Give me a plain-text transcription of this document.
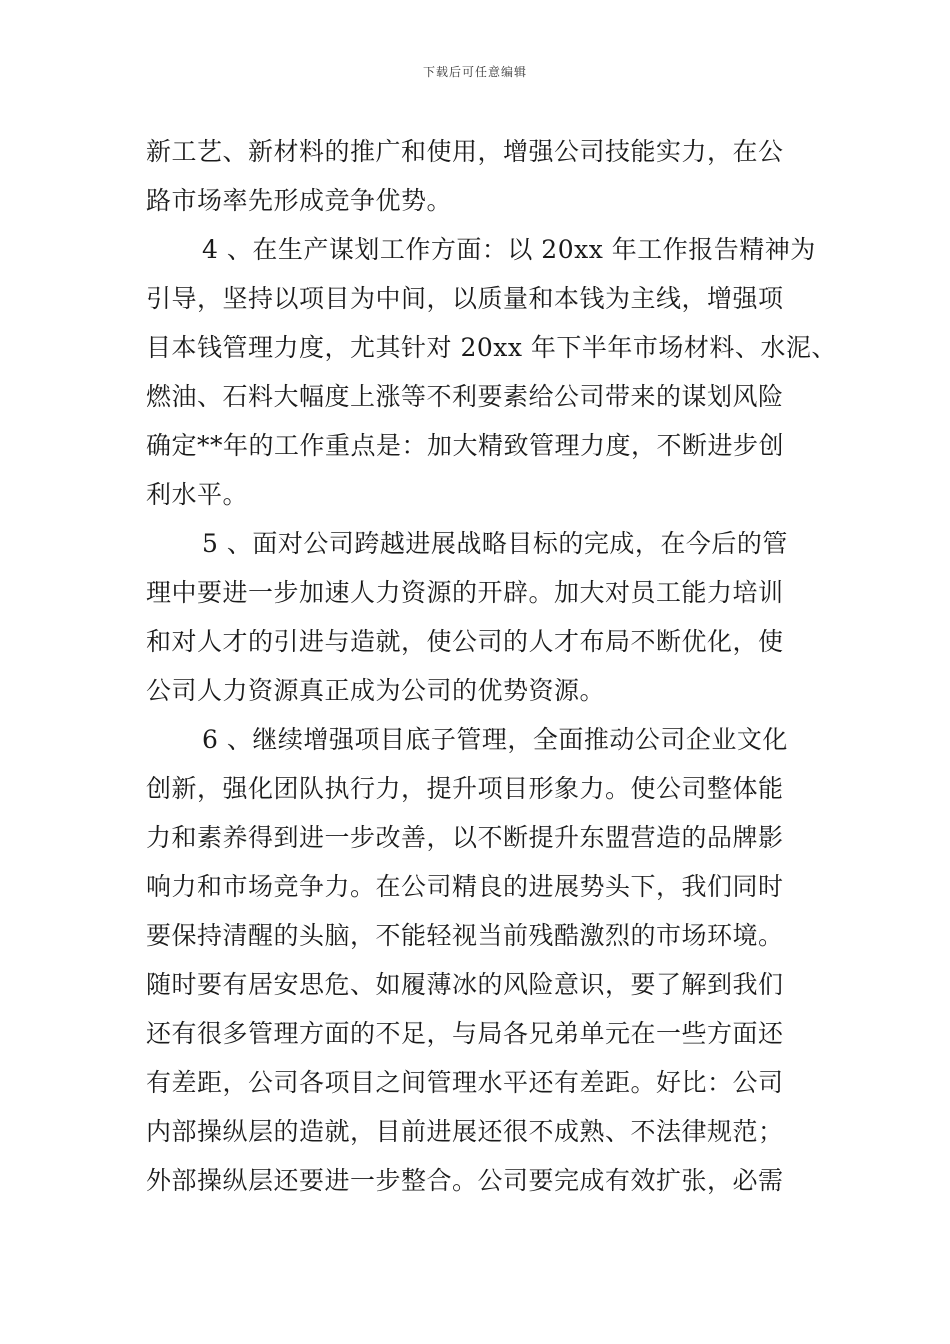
下载后可任意编辑
新工艺、新材料的推广和使用，增强公司技能实力，在公
路市场率先形成竞争优势。
4 、在生产谋划工作方面：以 20xx 年工作报告精神为
引导，坚持以项目为中间，以质量和本钱为主线，增强项
目本钱管理力度，尤其针对 20xx 年下半年市场材料、水泥、
燃油、石料大幅度上涨等不利要素给公司带来的谋划风险
确定**年的工作重点是：加大精致管理力度，不断进步创
利水平。
5 、面对公司跨越进展战略目标的完成，在今后的管
理中要进一步加速人力资源的开辟。加大对员工能力培训
和对人才的引进与造就，使公司的人才布局不断优化，使
公司人力资源真正成为公司的优势资源。
6 、继续增强项目底子管理，全面推动公司企业文化
创新，强化团队执行力，提升项目形象力。使公司整体能
力和素养得到进一步改善，以不断提升东盟营造的品牌影
响力和市场竞争力。在公司精良的进展势头下，我们同时
要保持清醒的头脑，不能轻视当前残酷激烈的市场环境。
随时要有居安思危、如履薄冰的风险意识，要了解到我们
还有很多管理方面的不足，与局各兄弟单元在一些方面还
有差距，公司各项目之间管理水平还有差距。好比：公司
内部操纵层的造就，目前进展还很不成熟、不法律规范；
外部操纵层还要进一步整合。公司要完成有效扩张，必需
